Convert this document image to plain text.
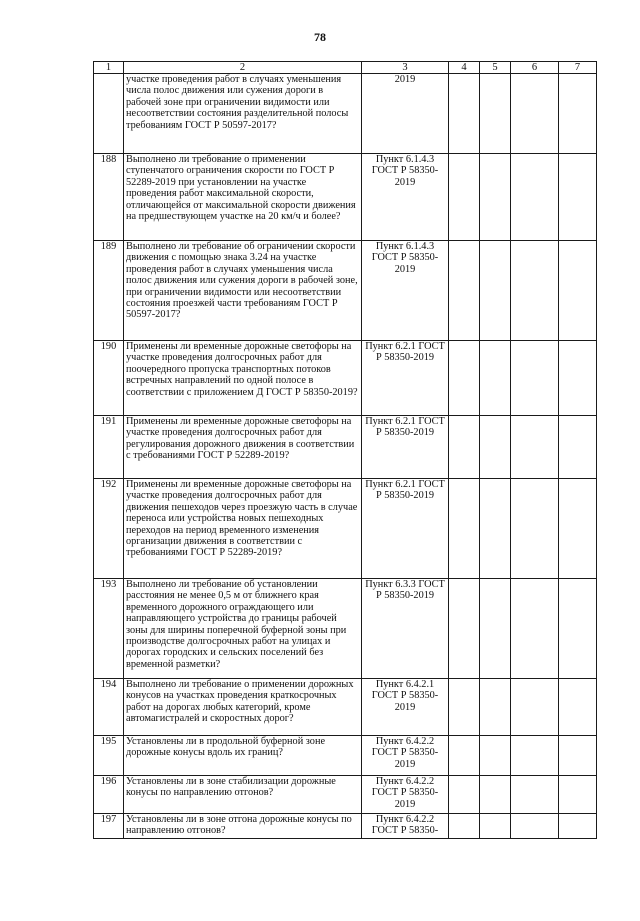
78
1	2	3	4	5	6	7
	участке проведения работ в случаях уменьшения числа полос движения или сужения дороги в рабочей зоне при ограничении видимости или несоответствии состояния разделительной полосы требованиям ГОСТ Р 50597-2017?	2019				
188	Выполнено ли требование о применении ступенчатого ограничения скорости по ГОСТ Р 52289-2019 при установлении на участке проведения работ максимальной скорости, отличающейся от максимальной скорости движения на предшествующем участке на 20 км/ч и более?	Пункт 6.1.4.3 ГОСТ Р 58350-2019				
189	Выполнено ли требование об ограничении скорости движения с помощью знака 3.24 на участке проведения работ в случаях уменьшения числа полос движения или сужения дороги в рабочей зоне, при ограничении видимости или несоответствии состояния проезжей части требованиям ГОСТ Р 50597-2017?	Пункт 6.1.4.3 ГОСТ Р 58350-2019				
190	Применены ли временные дорожные светофоры на участке проведения долгосрочных работ для поочередного пропуска транспортных потоков встречных направлений по одной полосе в соответствии с приложением Д ГОСТ Р 58350-2019?	Пункт 6.2.1 ГОСТ Р 58350-2019				
191	Применены ли временные дорожные светофоры на участке проведения долгосрочных работ для регулирования дорожного движения в соответствии с требованиями ГОСТ Р 52289-2019?	Пункт 6.2.1 ГОСТ Р 58350-2019				
192	Применены ли временные дорожные светофоры на участке проведения долгосрочных работ для движения пешеходов через проезжую часть в случае переноса или устройства новых пешеходных переходов на период временного изменения организации движения в соответствии с требованиями ГОСТ Р 52289-2019?	Пункт 6.2.1 ГОСТ Р 58350-2019				
193	Выполнено ли требование об установлении расстояния не менее 0,5 м от ближнего края временного дорожного ограждающего или направляющего устройства до границы рабочей зоны для ширины поперечной буферной зоны при производстве долгосрочных работ на улицах и дорогах городских и сельских поселений без временной разметки?	Пункт 6.3.3 ГОСТ Р 58350-2019				
194	Выполнено ли требование о применении дорожных конусов на участках проведения краткосрочных работ на дорогах любых категорий, кроме автомагистралей и скоростных дорог?	Пункт 6.4.2.1 ГОСТ Р 58350-2019				
195	Установлены ли в продольной буферной зоне дорожные конусы вдоль их границ?	Пункт 6.4.2.2 ГОСТ Р 58350-2019				
196	Установлены ли в зоне стабилизации дорожные конусы по направлению отгонов?	Пункт 6.4.2.2 ГОСТ Р 58350-2019				
197	Установлены ли в зоне отгона дорожные конусы по направлению отгонов?	Пункт 6.4.2.2 ГОСТ Р 58350-				
